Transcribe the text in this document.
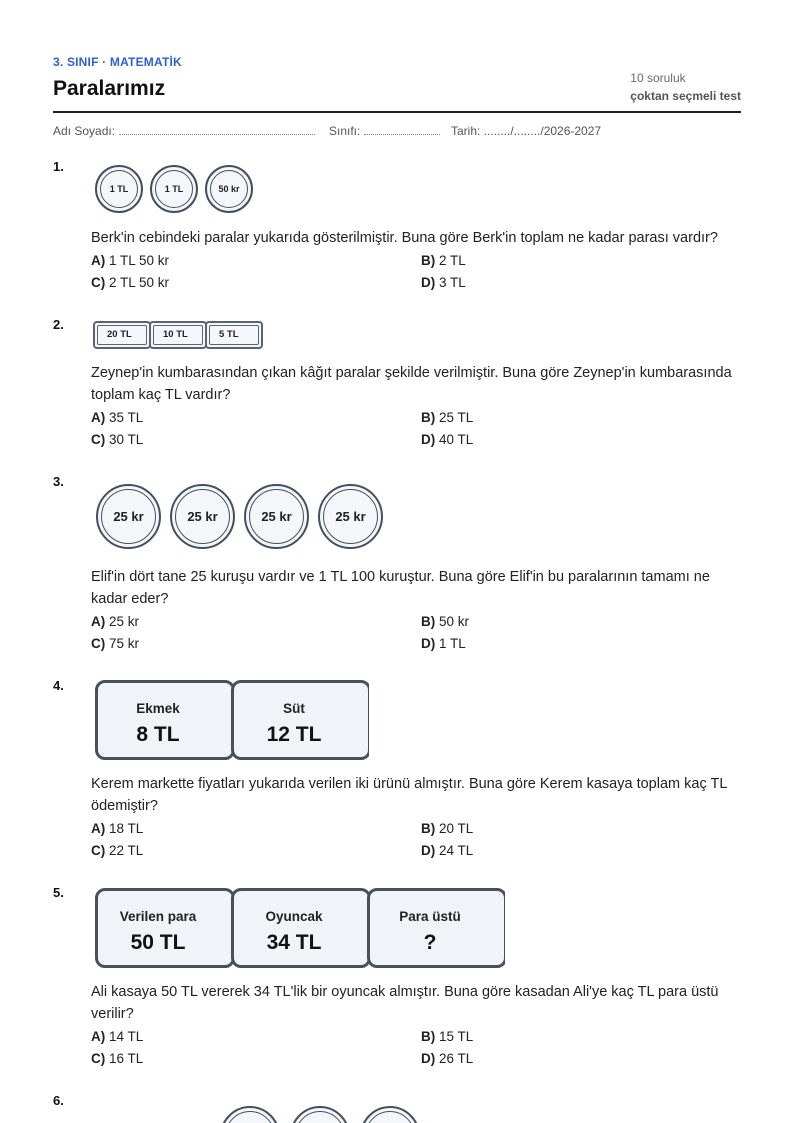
3. SINIF · MATEMATİK
Paralarımız	10 soruluk
çoktan seçmeli test
Adı Soyadı:	Sınıfı:	Tarih: ......../......../2026-2027
1.
1 TL	1 TL	50 kr
Berk'in cebindeki paralar yukarıda gösterilmiştir. Buna göre Berk'in toplam ne kadar parası vardır?
A) 1 TL 50 kr	B) 2 TL
C) 2 TL 50 kr	D) 3 TL
2.
20 TL	10 TL	5 TL
Zeynep'in kumbarasından çıkan kâğıt paralar şekilde verilmiştir. Buna göre Zeynep'in kumbarasında toplam kaç TL vardır?
A) 35 TL	B) 25 TL
C) 30 TL	D) 40 TL
3.
25 kr	25 kr	25 kr	25 kr
Elif'in dört tane 25 kuruşu vardır ve 1 TL 100 kuruştur. Buna göre Elif'in bu paralarının tamamı ne kadar eder?
A) 25 kr	B) 50 kr
C) 75 kr	D) 1 TL
4.
Ekmek
8 TL
Süt
12 TL
Kerem markette fiyatları yukarıda verilen iki ürünü almıştır. Buna göre Kerem kasaya toplam kaç TL ödemiştir?
A) 18 TL	B) 20 TL
C) 22 TL	D) 24 TL
5.
Verilen para
50 TL
Oyuncak
34 TL
Para üstü
?
Ali kasaya 50 TL vererek 34 TL'lik bir oyuncak almıştır. Buna göre kasadan Ali'ye kaç TL para üstü verilir?
A) 14 TL	B) 15 TL
C) 16 TL	D) 26 TL
6.
